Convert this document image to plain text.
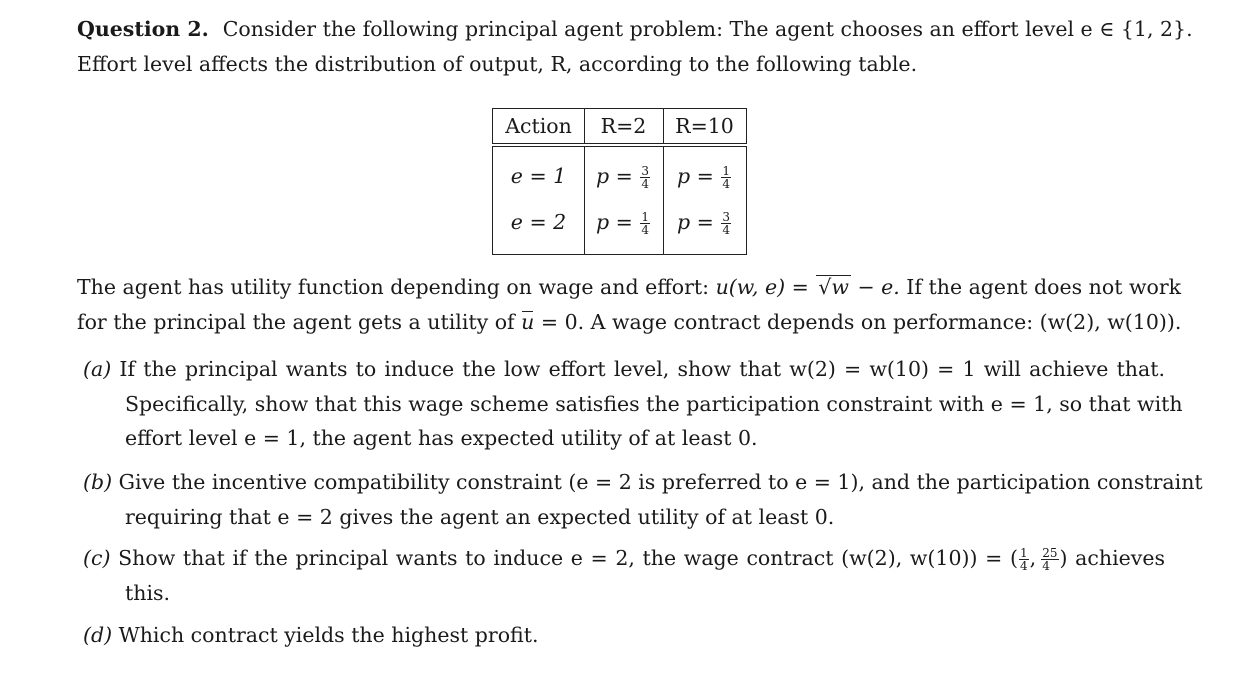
Question 2. Consider the following principal agent problem: The agent chooses an effort level e ∈ {1, 2}.
Effort level affects the distribution of output, R, according to the following table.
Action	R=2	R=10
e = 1	$p = \frac{3}{4}$	$p = \frac{1}{4}$
e = 2	$p = \frac{1}{4}$	$p = \frac{3}{4}$
The agent has utility function depending on wage and effort: u(w, e) = √w − e. If the agent does not work
for the principal the agent gets a utility of u = 0. A wage contract depends on performance: (w(2), w(10)).
(a) If the principal wants to induce the low effort level, show that w(2) = w(10) = 1 will achieve that.
Specifically, show that this wage scheme satisfies the participation constraint with e = 1, so that with
effort level e = 1, the agent has expected utility of at least 0.
(b) Give the incentive compatibility constraint (e = 2 is preferred to e = 1), and the participation constraint
requiring that e = 2 gives the agent an expected utility of at least 0.
(c) Show that if the principal wants to induce e = 2, the wage contract (w(2), w(10)) = ( $\frac{1}{4}$ ,  $\frac{25}{4}$ ) achieves
this.
(d) Which contract yields the highest profit.
